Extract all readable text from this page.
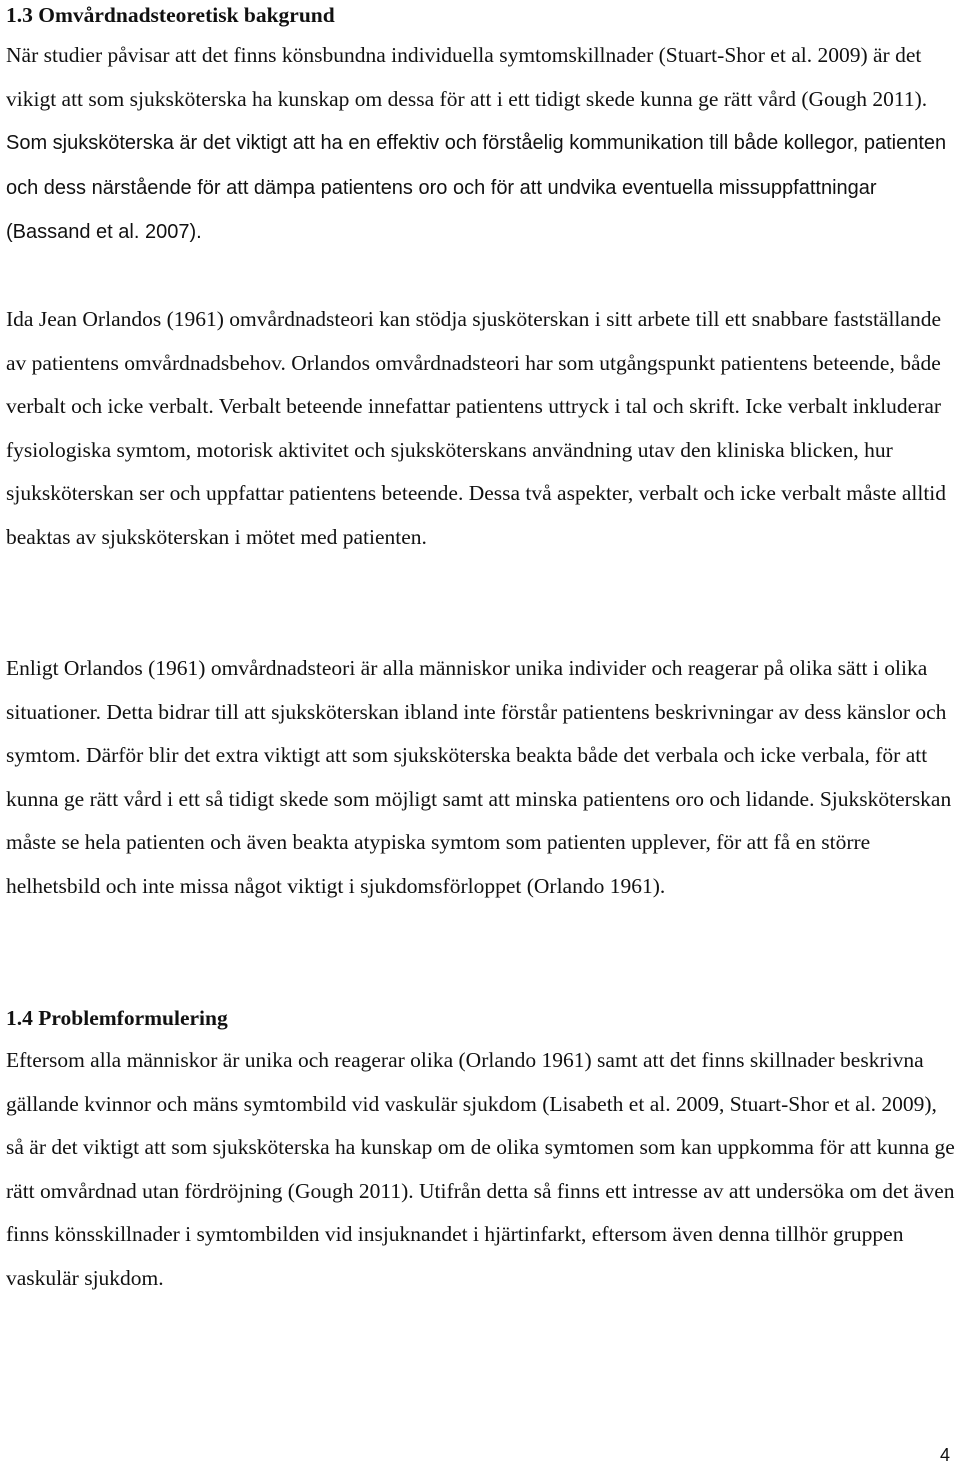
1.3 Omvårdnadsteoretisk bakgrund

När studier påvisar att det finns könsbundna individuella symtomskillnader (Stuart-Shor et al. 2009) är det vikigt att som sjuksköterska ha kunskap om dessa för att i ett tidigt skede kunna ge rätt vård (Gough 2011). Som sjuksköterska är det viktigt att ha en effektiv och förståelig kommunikation till både kollegor, patienten och dess närstående för att dämpa patientens oro och för att undvika eventuella missuppfattningar (Bassand et al. 2007).

Ida Jean Orlandos (1961) omvårdnadsteori kan stödja sjusköterskan i sitt arbete till ett snabbare fastställande av patientens omvårdnadsbehov. Orlandos omvårdnadsteori har som utgångspunkt patientens beteende, både verbalt och icke verbalt. Verbalt beteende innefattar patientens uttryck i tal och skrift. Icke verbalt inkluderar fysiologiska symtom, motorisk aktivitet och sjuksköterskans användning utav den kliniska blicken, hur sjuksköterskan ser och uppfattar patientens beteende. Dessa två aspekter, verbalt och icke verbalt måste alltid beaktas av sjuksköterskan i mötet med patienten.

Enligt Orlandos (1961) omvårdnadsteori är alla människor unika individer och reagerar på olika sätt i olika situationer. Detta bidrar till att sjuksköterskan ibland inte förstår patientens beskrivningar av dess känslor och symtom. Därför blir det extra viktigt att som sjuksköterska beakta både det verbala och icke verbala, för att kunna ge rätt vård i ett så tidigt skede som möjligt samt att minska patientens oro och lidande. Sjuksköterskan måste se hela patienten och även beakta atypiska symtom som patienten upplever, för att få en större helhetsbild och inte missa något viktigt i sjukdomsförloppet (Orlando 1961).

1.4 Problemformulering

Eftersom alla människor är unika och reagerar olika (Orlando 1961) samt att det finns skillnader beskrivna gällande kvinnor och mäns symtombild vid vaskulär sjukdom (Lisabeth et al. 2009, Stuart-Shor et al. 2009), så är det viktigt att som sjuksköterska ha kunskap om de olika symtomen som kan uppkomma för att kunna ge rätt omvårdnad utan fördröjning (Gough 2011). Utifrån detta så finns ett intresse av att undersöka om det även finns könsskillnader i symtombilden vid insjuknandet i hjärtinfarkt, eftersom även denna tillhör gruppen vaskulär sjukdom.

4
